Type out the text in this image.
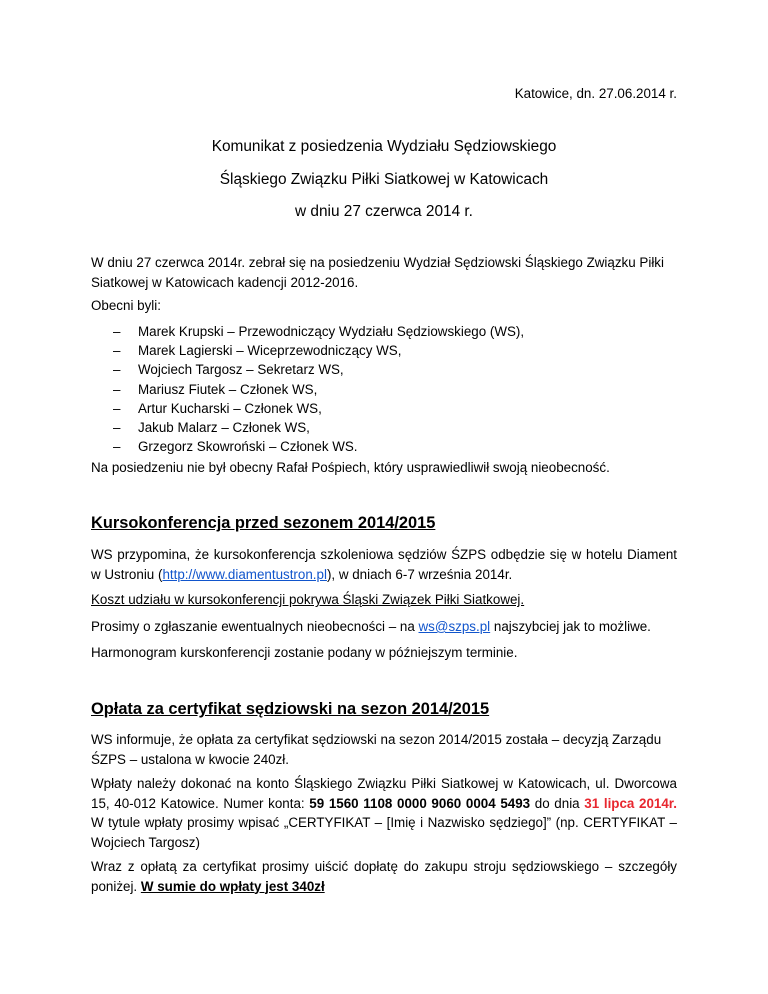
Katowice, dn. 27.06.2014 r.
Komunikat z posiedzenia Wydziału Sędziowskiego
Śląskiego Związku Piłki Siatkowej w Katowicach
w dniu 27 czerwca 2014 r.
W dniu 27 czerwca 2014r. zebrał się na posiedzeniu Wydział Sędziowski Śląskiego Związku Piłki Siatkowej w Katowicach kadencji 2012-2016.
Obecni byli:
– Marek Krupski – Przewodniczący Wydziału Sędziowskiego (WS),
– Marek Lagierski – Wiceprzewodniczący WS,
– Wojciech Targosz – Sekretarz WS,
– Mariusz Fiutek – Członek WS,
– Artur Kucharski – Członek WS,
– Jakub Malarz – Członek WS,
– Grzegorz Skowroński – Członek WS.
Na posiedzeniu nie był obecny Rafał Pośpiech, który usprawiedliwił swoją nieobecność.
Kursokonferencja przed sezonem 2014/2015
WS przypomina, że kursokonferencja szkoleniowa sędziów ŚZPS odbędzie się w hotelu Diament w Ustroniu (http://www.diamentustron.pl), w dniach 6-7 września 2014r.
Koszt udziału w kursokonferencji pokrywa Śląski Związek Piłki Siatkowej.
Prosimy o zgłaszanie ewentualnych nieobecności – na ws@szps.pl najszybciej jak to możliwe.
Harmonogram kurskonferencji zostanie podany w późniejszym terminie.
Opłata za certyfikat sędziowski na sezon 2014/2015
WS informuje, że opłata za certyfikat sędziowski na sezon 2014/2015 została – decyzją Zarządu ŚZPS – ustalona w kwocie 240zł.
Wpłaty należy dokonać na konto Śląskiego Związku Piłki Siatkowej w Katowicach, ul. Dworcowa 15, 40-012 Katowice. Numer konta: 59 1560 1108 0000 9060 0004 5493 do dnia 31 lipca 2014r. W tytule wpłaty prosimy wpisać „CERTYFIKAT – [Imię i Nazwisko sędziego]” (np. CERTYFIKAT – Wojciech Targosz)
Wraz z opłatą za certyfikat prosimy uiścić dopłatę do zakupu stroju sędziowskiego – szczegóły poniżej. W sumie do wpłaty jest 340zł
